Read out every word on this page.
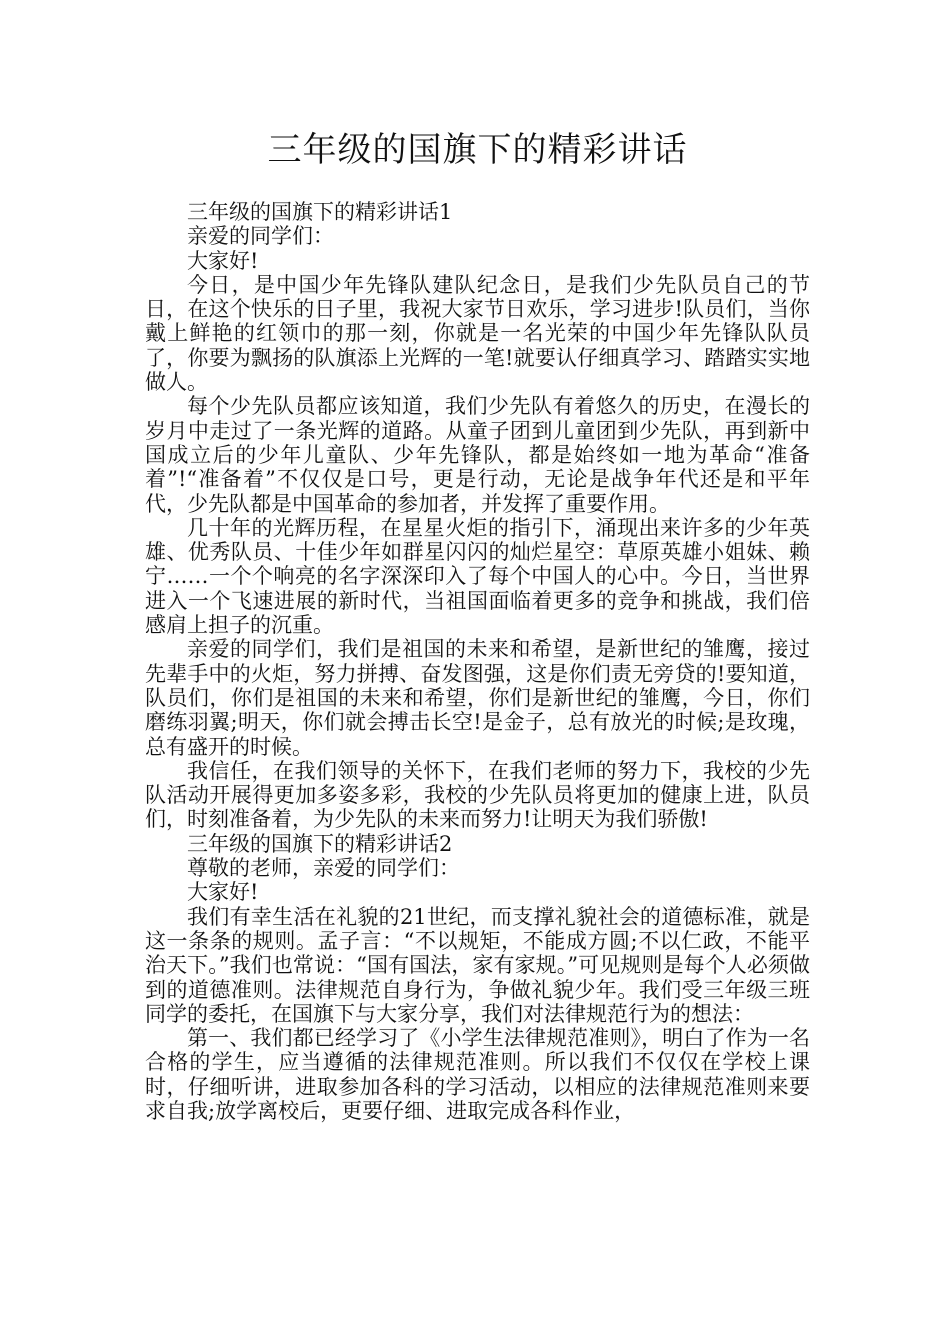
三年级的国旗下的精彩讲话

三年级的国旗下的精彩讲话1

亲爱的同学们：

大家好!

今日，是中国少年先锋队建队纪念日，是我们少先队员自己的节日，在这个快乐的日子里，我祝大家节日欢乐，学习进步!队员们，当你戴上鲜艳的红领巾的那一刻，你就是一名光荣的中国少年先锋队队员了，你要为飘扬的队旗添上光辉的一笔!就要认仔细真学习、踏踏实实地做人。

每个少先队员都应该知道，我们少先队有着悠久的历史，在漫长的岁月中走过了一条光辉的道路。从童子团到儿童团到少先队，再到新中国成立后的少年儿童队、少年先锋队，都是始终如一地为革命“准备着”!“准备着”不仅仅是口号，更是行动，无论是战争年代还是和平年代，少先队都是中国革命的参加者，并发挥了重要作用。

几十年的光辉历程，在星星火炬的指引下，涌现出来许多的少年英雄、优秀队员、十佳少年如群星闪闪的灿烂星空：草原英雄小姐妹、赖宁……一个个响亮的名字深深印入了每个中国人的心中。今日，当世界进入一个飞速进展的新时代，当祖国面临着更多的竞争和挑战，我们倍感肩上担子的沉重。

亲爱的同学们，我们是祖国的未来和希望，是新世纪的雏鹰，接过先辈手中的火炬，努力拼搏、奋发图强，这是你们责无旁贷的!要知道，队员们，你们是祖国的未来和希望，你们是新世纪的雏鹰，今日，你们磨练羽翼;明天，你们就会搏击长空!是金子，总有放光的时候;是玫瑰，总有盛开的时候。

我信任，在我们领导的关怀下，在我们老师的努力下，我校的少先队活动开展得更加多姿多彩，我校的少先队员将更加的健康上进，队员们，时刻准备着，为少先队的未来而努力!让明天为我们骄傲!

三年级的国旗下的精彩讲话2

尊敬的老师，亲爱的同学们：

大家好!

我们有幸生活在礼貌的21世纪，而支撑礼貌社会的道德标准，就是这一条条的规则。孟子言：“不以规矩，不能成方圆;不以仁政，不能平治天下。”我们也常说：“国有国法，家有家规。”可见规则是每个人必须做到的道德准则。法律规范自身行为，争做礼貌少年。我们受三年级三班同学的委托，在国旗下与大家分享，我们对法律规范行为的想法：

第一、我们都已经学习了《小学生法律规范准则》，明白了作为一名合格的学生，应当遵循的法律规范准则。所以我们不仅仅在学校上课时，仔细听讲，进取参加各科的学习活动，以相应的法律规范准则来要求自我;放学离校后，更要仔细、进取完成各科作业，
